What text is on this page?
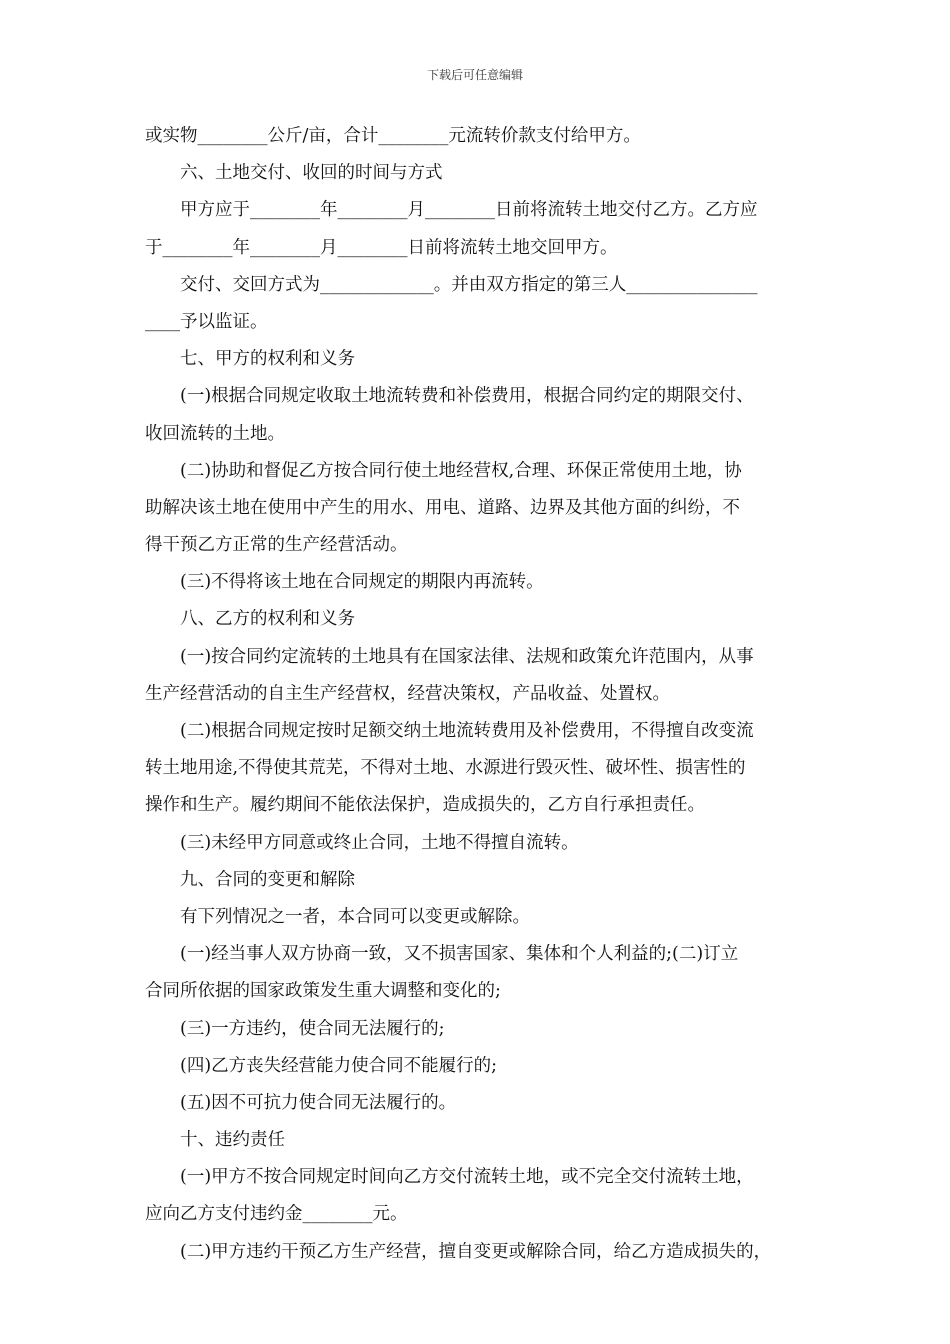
下载后可任意编辑
或实物________公斤/亩，合计________元流转价款支付给甲方。
六、土地交付、收回的时间与方式
甲方应于________年________月________日前将流转土地交付乙方。乙方应
于________年________月________日前将流转土地交回甲方。
交付、交回方式为_____________。并由双方指定的第三人_______________
____予以监证。
七、甲方的权利和义务
(一)根据合同规定收取土地流转费和补偿费用，根据合同约定的期限交付、
收回流转的土地。
(二)协助和督促乙方按合同行使土地经营权,合理、环保正常使用土地，协
助解决该土地在使用中产生的用水、用电、道路、边界及其他方面的纠纷，不
得干预乙方正常的生产经营活动。
(三)不得将该土地在合同规定的期限内再流转。
八、乙方的权利和义务
(一)按合同约定流转的土地具有在国家法律、法规和政策允许范围内，从事
生产经营活动的自主生产经营权，经营决策权，产品收益、处置权。
(二)根据合同规定按时足额交纳土地流转费用及补偿费用，不得擅自改变流
转土地用途,不得使其荒芜，不得对土地、水源进行毁灭性、破坏性、损害性的
操作和生产。履约期间不能依法保护，造成损失的，乙方自行承担责任。
(三)未经甲方同意或终止合同，土地不得擅自流转。
九、合同的变更和解除
有下列情况之一者，本合同可以变更或解除。
(一)经当事人双方协商一致，又不损害国家、集体和个人利益的;(二)订立
合同所依据的国家政策发生重大调整和变化的;
(三)一方违约，使合同无法履行的;
(四)乙方丧失经营能力使合同不能履行的;
(五)因不可抗力使合同无法履行的。
十、违约责任
(一)甲方不按合同规定时间向乙方交付流转土地，或不完全交付流转土地，
应向乙方支付违约金________元。
(二)甲方违约干预乙方生产经营，擅自变更或解除合同，给乙方造成损失的，
